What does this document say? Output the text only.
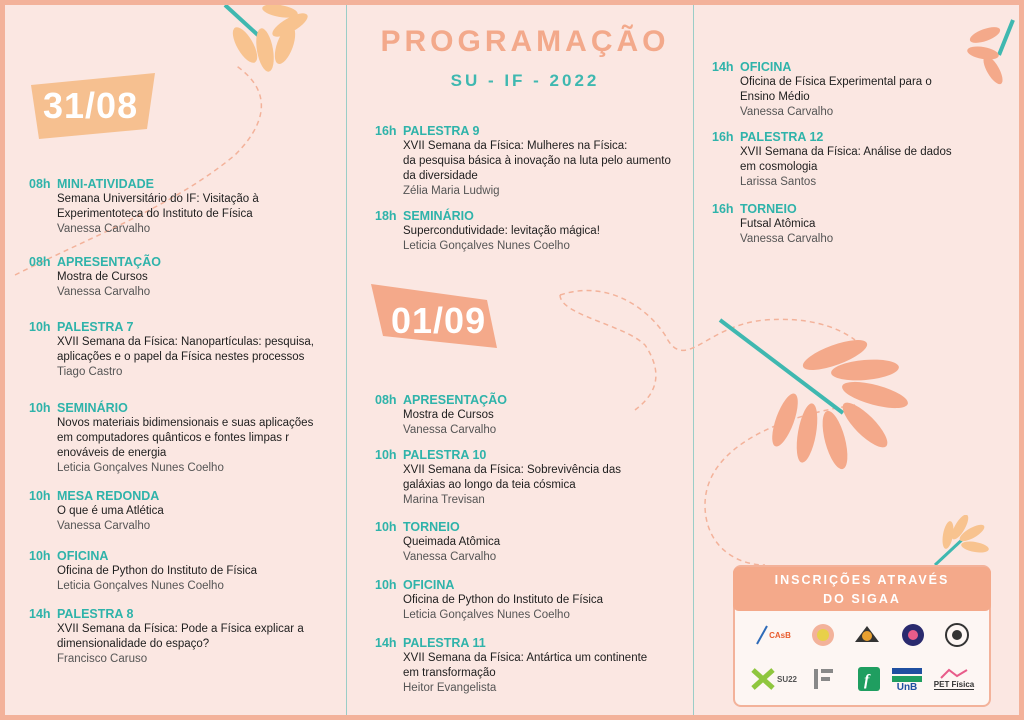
31/08
01/09
PROGRAMAÇÃO
SU - IF - 2022
08h MINI-ATIVIDADE
Semana Universitário do IF: Visitação à
Experimentoteca do Instituto de Física
Vanessa Carvalho
08h APRESENTAÇÃO
Mostra de Cursos
Vanessa Carvalho
10h PALESTRA 7
XVII Semana da Física: Nanopartículas: pesquisa,
aplicações e o papel da Física nestes processos
Tiago Castro
10h SEMINÁRIO
Novos materiais bidimensionais e suas aplicações
em computadores quânticos e fontes limpas r
enováveis de energia
Leticia Gonçalves Nunes Coelho
10h MESA REDONDA
O que é uma Atlética
Vanessa Carvalho
10h OFICINA
Oficina de Python do Instituto de Física
Leticia Gonçalves Nunes Coelho
14h PALESTRA 8
XVII Semana da Física: Pode a Física explicar a
dimensionalidade do espaço?
Francisco Caruso
16h PALESTRA 9
XVII Semana da Física: Mulheres na Física:
da pesquisa básica à inovação na luta pelo aumento
da diversidade
Zélia Maria Ludwig
18h SEMINÁRIO
Supercondutividade: levitação mágica!
Leticia Gonçalves Nunes Coelho
08h APRESENTAÇÃO
Mostra de Cursos
Vanessa Carvalho
10h PALESTRA 10
XVII Semana da Física: Sobrevivência das
galáxias ao longo da teia cósmica
Marina Trevisan
10h TORNEIO
Queimada Atômica
Vanessa Carvalho
10h OFICINA
Oficina de Python do Instituto de Física
Leticia Gonçalves Nunes Coelho
14h PALESTRA 11
XVII Semana da Física: Antártica um continente
em transformação
Heitor Evangelista
14h OFICINA
Oficina de Física Experimental para o
Ensino Médio
Vanessa Carvalho
16h PALESTRA 12
XVII Semana da Física: Análise de dados
em cosmologia
Larissa Santos
16h TORNEIO
Futsal Atômica
Vanessa Carvalho
INSCRIÇÕES ATRAVÉS
DO SIGAA
CAsB
SU22	f	UnB PET Física
